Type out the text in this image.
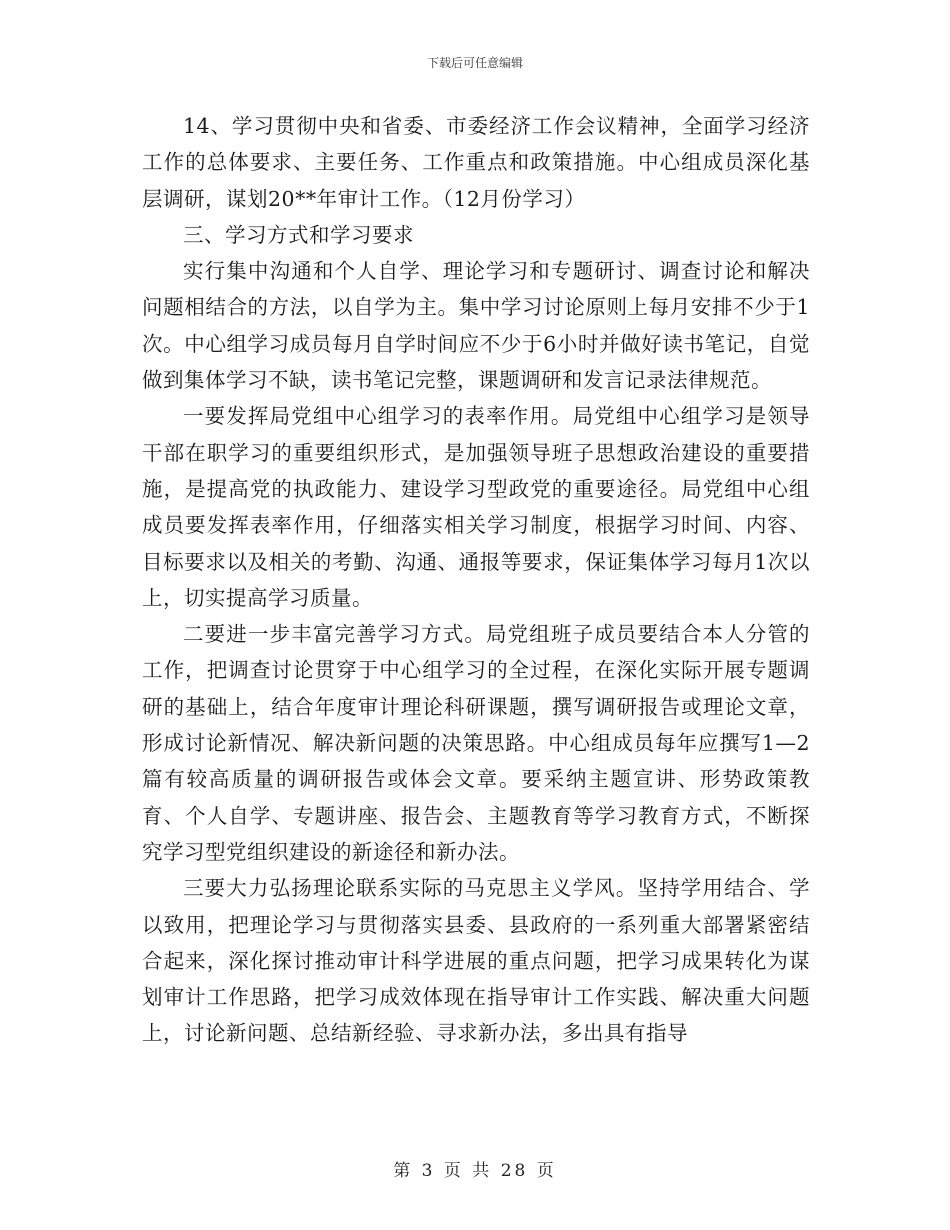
下载后可任意编辑

14、学习贯彻中央和省委、市委经济工作会议精神，全面学习经济工作的总体要求、主要任务、工作重点和政策措施。中心组成员深化基层调研，谋划20**年审计工作。（12月份学习）

三、学习方式和学习要求

实行集中沟通和个人自学、理论学习和专题研讨、调查讨论和解决问题相结合的方法，以自学为主。集中学习讨论原则上每月安排不少于1次。中心组学习成员每月自学时间应不少于6小时并做好读书笔记，自觉做到集体学习不缺，读书笔记完整，课题调研和发言记录法律规范。

一要发挥局党组中心组学习的表率作用。局党组中心组学习是领导干部在职学习的重要组织形式，是加强领导班子思想政治建设的重要措施，是提高党的执政能力、建设学习型政党的重要途径。局党组中心组成员要发挥表率作用，仔细落实相关学习制度，根据学习时间、内容、目标要求以及相关的考勤、沟通、通报等要求，保证集体学习每月1次以上，切实提高学习质量。

二要进一步丰富完善学习方式。局党组班子成员要结合本人分管的工作，把调查讨论贯穿于中心组学习的全过程，在深化实际开展专题调研的基础上，结合年度审计理论科研课题，撰写调研报告或理论文章，形成讨论新情况、解决新问题的决策思路。中心组成员每年应撰写1—2篇有较高质量的调研报告或体会文章。要采纳主题宣讲、形势政策教育、个人自学、专题讲座、报告会、主题教育等学习教育方式，不断探究学习型党组织建设的新途径和新办法。

三要大力弘扬理论联系实际的马克思主义学风。坚持学用结合、学以致用，把理论学习与贯彻落实县委、县政府的一系列重大部署紧密结合起来，深化探讨推动审计科学进展的重点问题，把学习成果转化为谋划审计工作思路，把学习成效体现在指导审计工作实践、解决重大问题上，讨论新问题、总结新经验、寻求新办法，多出具有指导

第 3 页 共 28 页
